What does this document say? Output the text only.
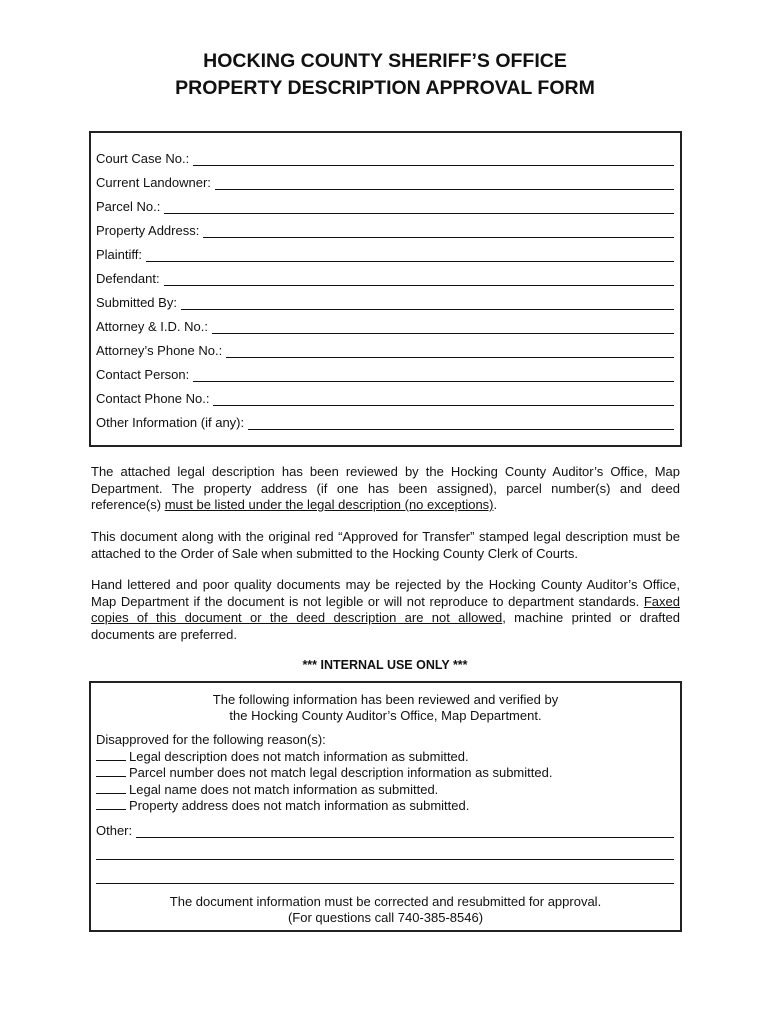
HOCKING COUNTY SHERIFF’S OFFICE
PROPERTY DESCRIPTION APPROVAL FORM
Court Case No.:
Current Landowner:
Parcel No.:
Property Address:
Plaintiff:
Defendant:
Submitted By:
Attorney & I.D. No.:
Attorney’s Phone No.:
Contact Person:
Contact Phone No.:
Other Information (if any):

The attached legal description has been reviewed by the Hocking County Auditor’s Office, Map Department. The property address (if one has been assigned), parcel number(s) and deed reference(s) must be listed under the legal description (no exceptions).

This document along with the original red “Approved for Transfer” stamped legal description must be attached to the Order of Sale when submitted to the Hocking County Clerk of Courts.

Hand lettered and poor quality documents may be rejected by the Hocking County Auditor’s Office, Map Department if the document is not legible or will not reproduce to department standards. Faxed copies of this document or the deed description are not allowed, machine printed or drafted documents are preferred.

*** INTERNAL USE ONLY ***
The following information has been reviewed and verified by
the Hocking County Auditor’s Office, Map Department.
Disapproved for the following reason(s):
Legal description does not match information as submitted.
Parcel number does not match legal description information as submitted.
Legal name does not match information as submitted.
Property address does not match information as submitted.
Other:
The document information must be corrected and resubmitted for approval.
(For questions call 740-385-8546)
